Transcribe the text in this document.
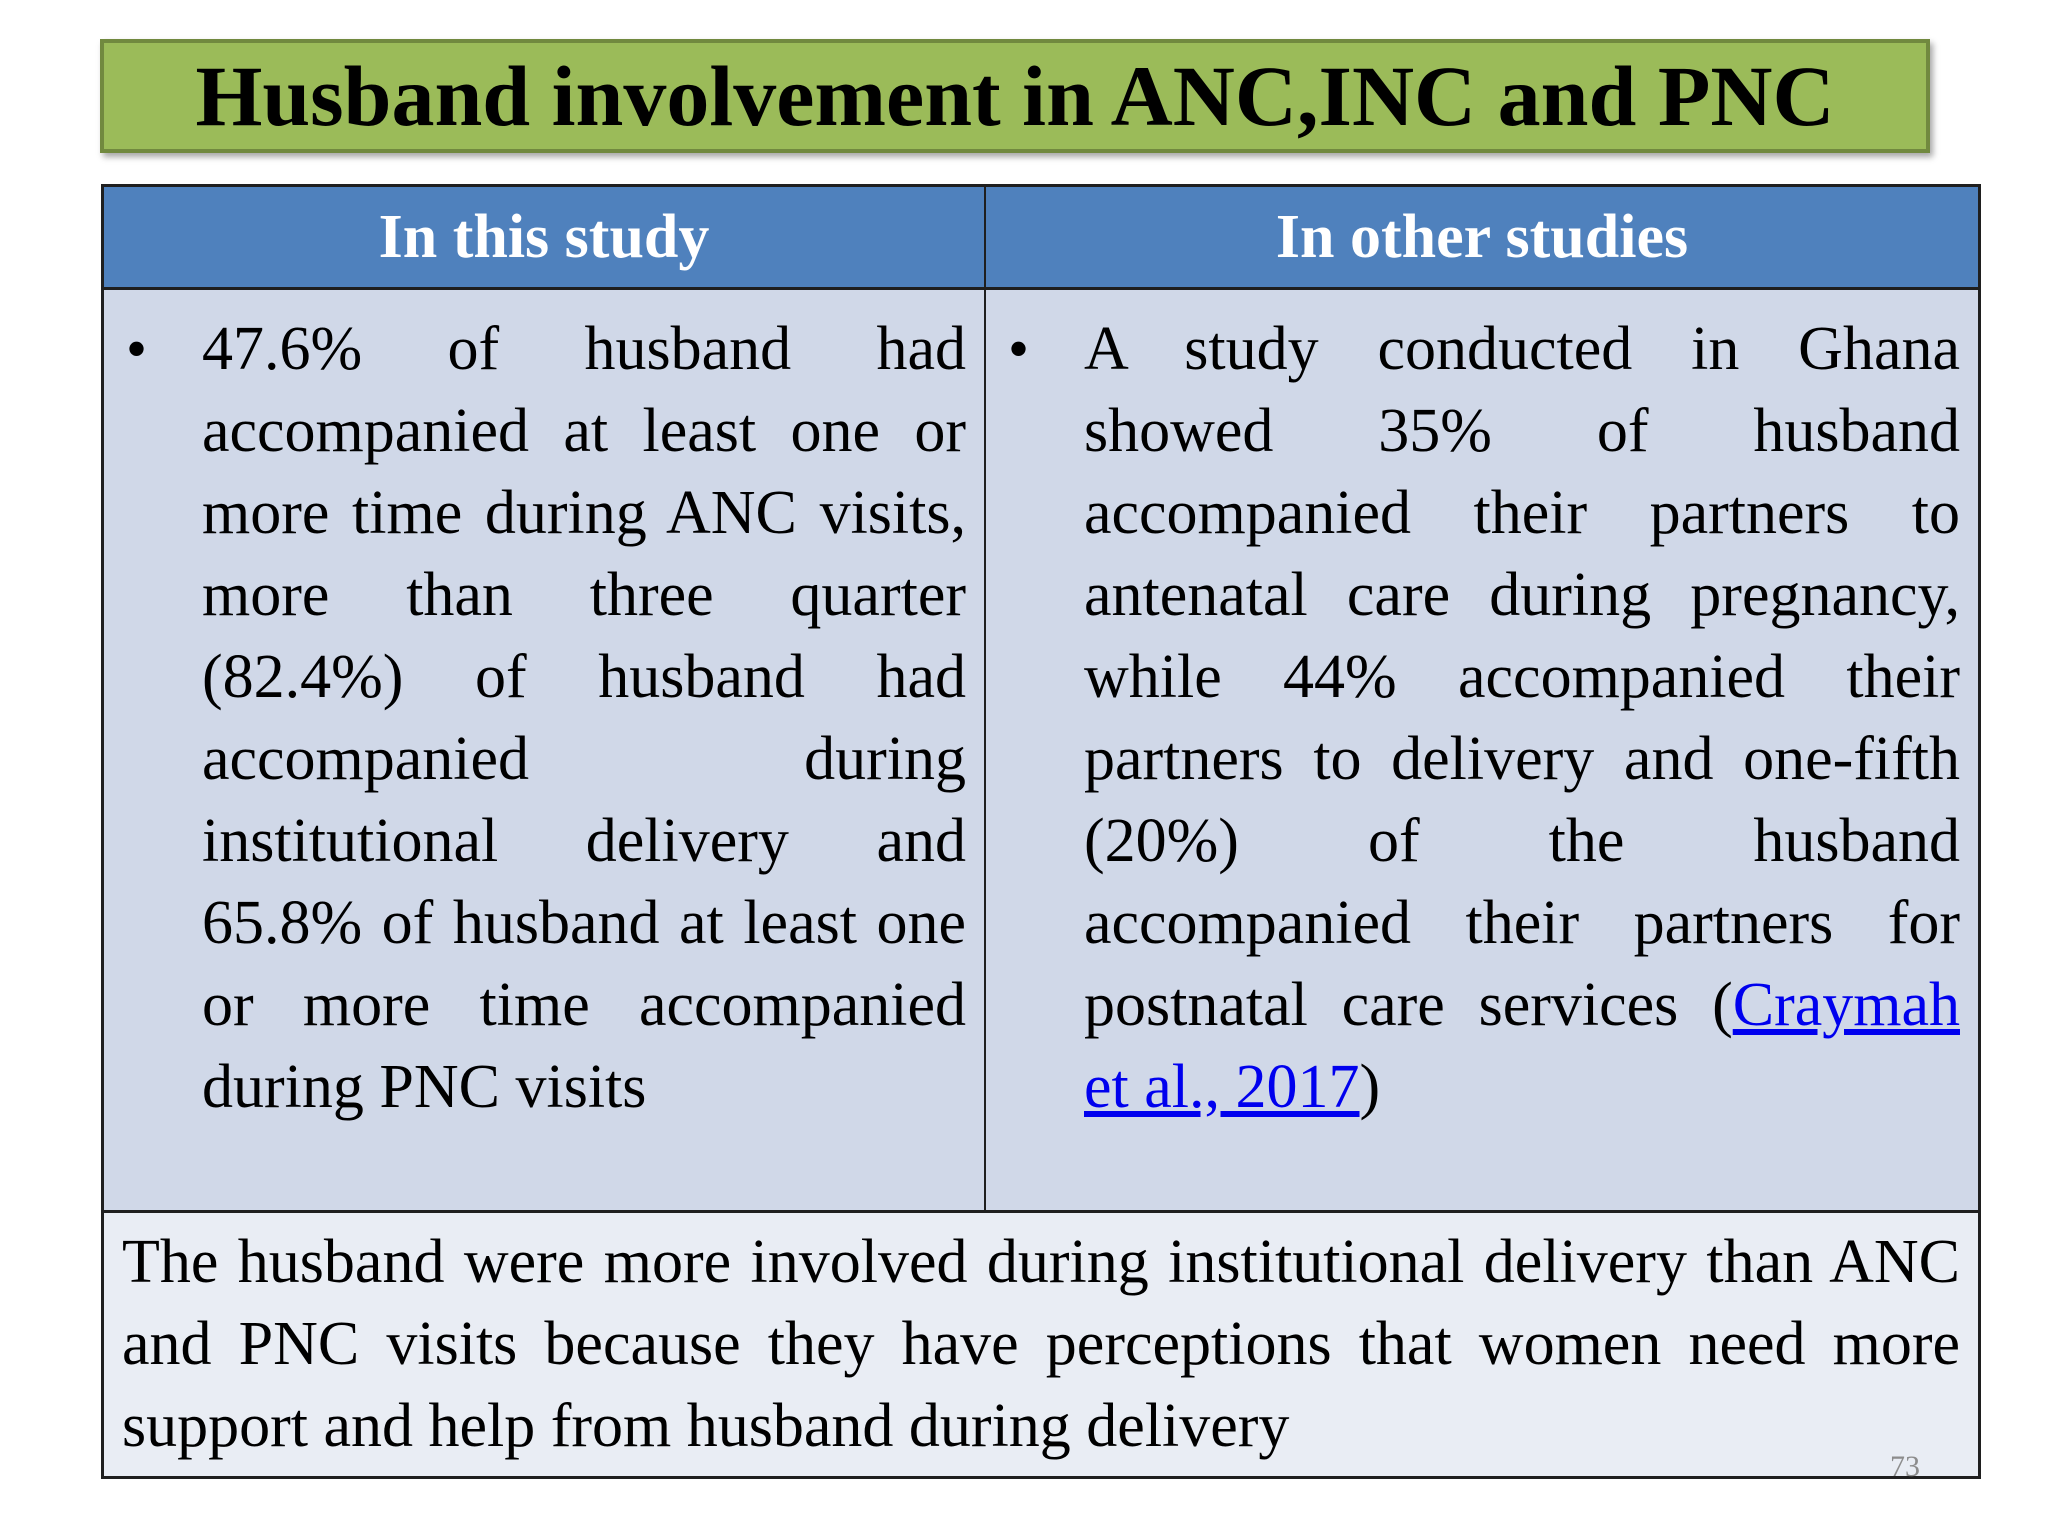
Husband involvement in ANC,INC and PNC
In this study	In other studies
• 47.6% of husband had accompanied at least one or more time during ANC visits, more than three quarter (82.4%) of husband had accompanied during institutional delivery and 65.8% of husband at least one or more time accompanied during PNC visits

• A study conducted in Ghana showed 35% of husband accompanied their partners to antenatal care during pregnancy, while 44% accompanied their partners to delivery and one-fifth (20%) of the husband accompanied their partners for postnatal care services (Craymah et al., 2017)

The husband were more involved during institutional delivery than ANC and PNC visits because they have perceptions that women need more support and help from husband during delivery

73
